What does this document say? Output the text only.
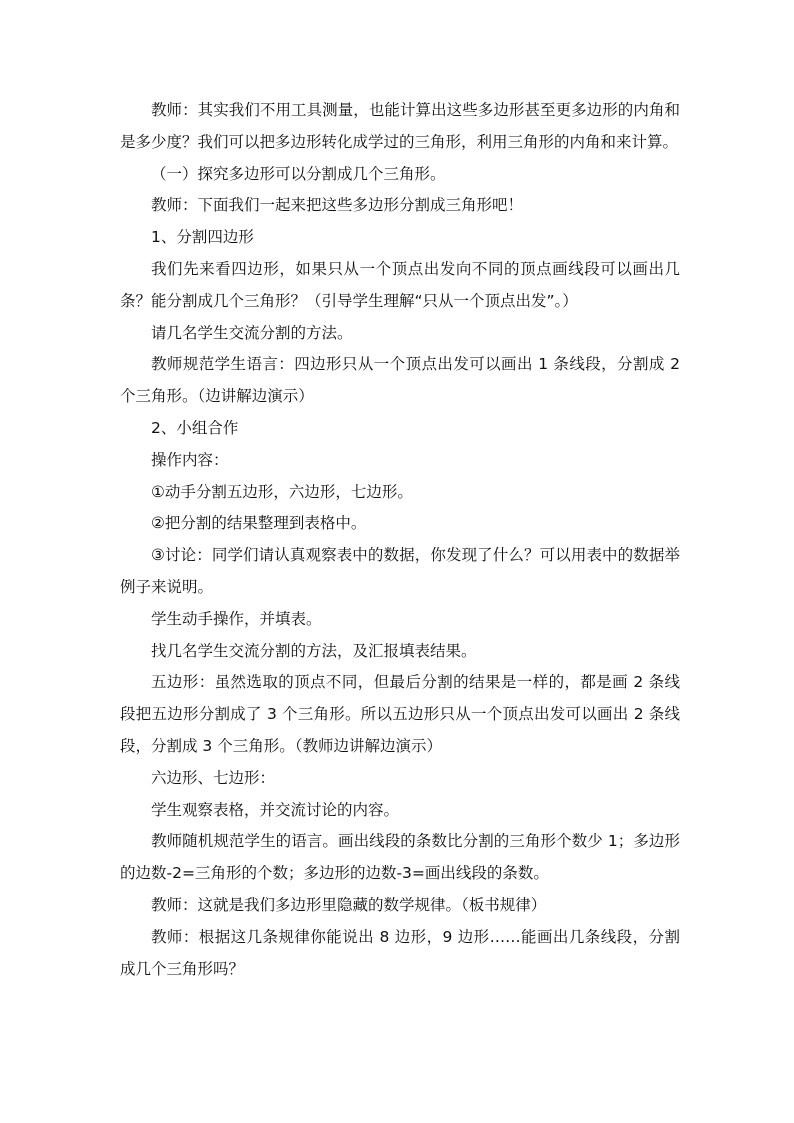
教师：其实我们不用工具测量，也能计算出这些多边形甚至更多边形的内角和是多少度？我们可以把多边形转化成学过的三角形，利用三角形的内角和来计算。

（一）探究多边形可以分割成几个三角形。

教师：下面我们一起来把这些多边形分割成三角形吧！

1、分割四边形

我们先来看四边形，如果只从一个顶点出发向不同的顶点画线段可以画出几条？能分割成几个三角形？（引导学生理解“只从一个顶点出发”。）

请几名学生交流分割的方法。

教师规范学生语言：四边形只从一个顶点出发可以画出 1 条线段，分割成 2 个三角形。（边讲解边演示）

2、小组合作

操作内容：

①动手分割五边形，六边形，七边形。

②把分割的结果整理到表格中。

③讨论：同学们请认真观察表中的数据，你发现了什么？可以用表中的数据举例子来说明。

学生动手操作，并填表。

找几名学生交流分割的方法，及汇报填表结果。

五边形：虽然选取的顶点不同，但最后分割的结果是一样的，都是画 2 条线段把五边形分割成了 3 个三角形。所以五边形只从一个顶点出发可以画出 2 条线段，分割成 3 个三角形。（教师边讲解边演示）

六边形、七边形：

学生观察表格，并交流讨论的内容。

教师随机规范学生的语言。画出线段的条数比分割的三角形个数少 1；多边形的边数-2=三角形的个数；多边形的边数-3=画出线段的条数。

教师：这就是我们多边形里隐藏的数学规律。（板书规律）

教师：根据这几条规律你能说出 8 边形，9 边形……能画出几条线段，分割成几个三角形吗？
